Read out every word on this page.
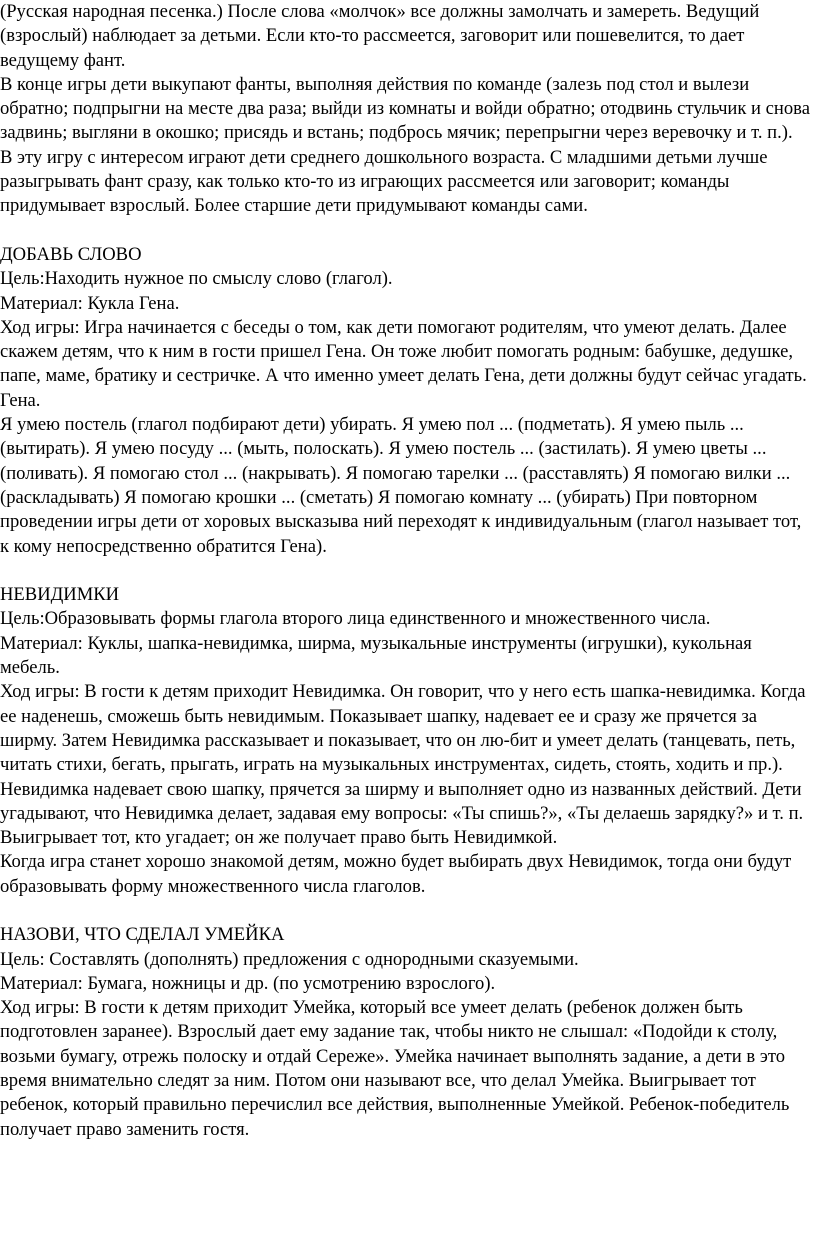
(Русская народная песенка.) После слова «молчок» все должны замолчать и замереть. Ведущий (взрослый) наблюдает за детьми. Если кто-то рассмеется, заговорит или пошевелится, то дает ведущему фант.

В конце игры дети выкупают фанты, выполняя действия по команде (залезь под стол и вылези обратно; подпрыгни на месте два раза; выйди из комнаты и войди обратно; отодвинь стульчик и снова задвинь; выгляни в окошко; присядь и встань; подбрось мячик; перепрыгни через веревочку и т. п.).

В эту игру с интересом играют дети среднего дошкольного возраста. С младшими детьми лучше разыгрывать фант сразу, как только кто-то из играющих рассмеется или заговорит; команды придумывает взрослый. Более старшие дети придумывают команды сами.

ДОБАВЬ СЛОВО

Цель:Находить нужное по смыслу слово (глагол).

Материал: Кукла Гена.

Ход игры: Игра начинается с беседы о том, как дети помогают родителям, что умеют делать. Далее скажем детям, что к ним в гости пришел Гена. Он тоже любит помогать родным: бабушке, дедушке, папе, маме, братику и сестричке. А что именно умеет делать Гена, дети должны будут сейчас угадать.

Гена.

Я умею постель (глагол подбирают дети) убирать. Я умею пол ... (подметать). Я умею пыль ... (вытирать). Я умею посуду ... (мыть, полоскать). Я умею постель ... (застилать). Я умею цветы ... (поливать). Я помогаю стол ... (накрывать). Я помогаю тарелки ... (расставлять) Я помогаю вилки ... (раскладывать) Я помогаю крошки ... (сметать) Я помогаю комнату ... (убирать) При повторном проведении игры дети от хоровых высказыва ний переходят к индивидуальным (глагол называет тот, к кому непосредственно обратится Гена).

НЕВИДИМКИ

Цель:Образовывать формы глагола второго лица единственного и множественного числа.

Материал: Куклы, шапка-невидимка, ширма, музыкальные инструменты (игрушки), кукольная мебель.

Ход игры: В гости к детям приходит Невидимка. Он говорит, что у него есть шапка-невидимка. Когда ее наденешь, сможешь быть невидимым. Показывает шапку, надевает ее и сразу же прячется за ширму. Затем Невидимка рассказывает и показывает, что он лю-бит и умеет делать (танцевать, петь, читать стихи, бегать, прыгать, играть на музыкальных инструментах, сидеть, стоять, ходить и пр.).

Невидимка надевает свою шапку, прячется за ширму и выполняет одно из названных действий. Дети угадывают, что Невидимка делает, задавая ему вопросы: «Ты спишь?», «Ты делаешь зарядку?» и т. п. Выигрывает тот, кто угадает; он же получает право быть Невидимкой.

Когда игра станет хорошо знакомой детям, можно будет выбирать двух Невидимок, тогда они будут образовывать форму множественного числа глаголов.

НАЗОВИ, ЧТО СДЕЛАЛ УМЕЙКА

Цель: Составлять (дополнять) предложения с однородными сказуемыми.

Материал: Бумага, ножницы и др. (по усмотрению взрослого).

Ход игры: В гости к детям приходит Умейка, который все умеет делать (ребенок должен быть подготовлен заранее). Взрослый дает ему задание так, чтобы никто не слышал: «Подойди к столу, возьми бумагу, отрежь полоску и отдай Сереже». Умейка начинает выполнять задание, а дети в это время внимательно следят за ним. Потом они называют все, что делал Умейка. Выигрывает тот ребенок, который правильно перечислил все действия, выполненные Умейкой. Ребенок-победитель получает право заменить гостя.
